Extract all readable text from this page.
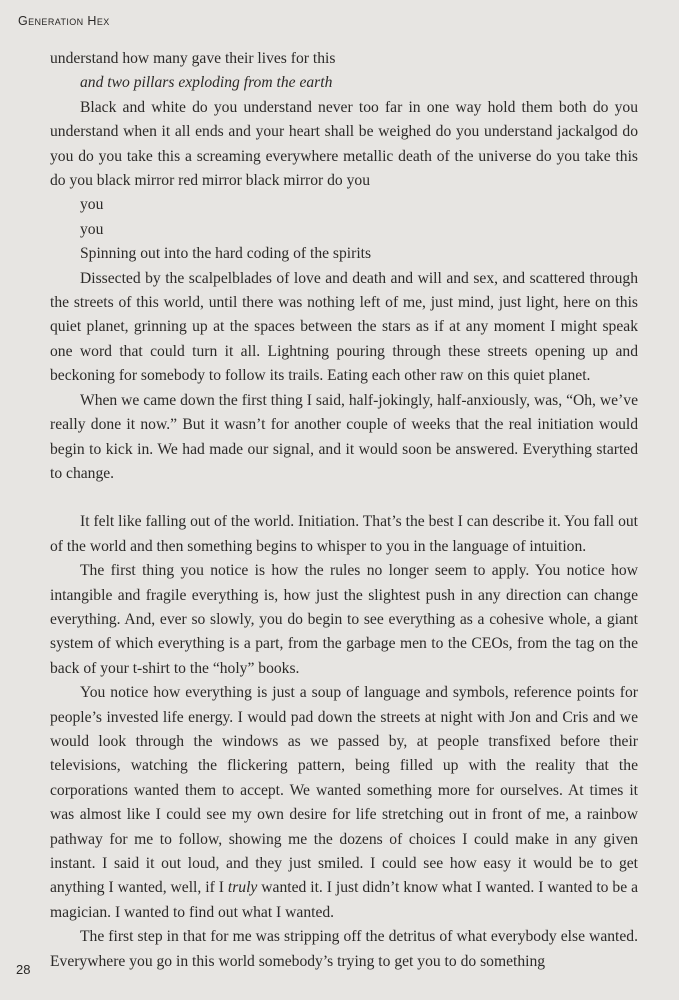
Generation Hex

understand how many gave their lives for this

and two pillars exploding from the earth

Black and white do you understand never too far in one way hold them both do you understand when it all ends and your heart shall be weighed do you understand jackalgod do you do you take this a screaming everywhere metallic death of the universe do you take this do you black mirror red mirror black mirror do you

you

you

Spinning out into the hard coding of the spirits

Dissected by the scalpelblades of love and death and will and sex, and scattered through the streets of this world, until there was nothing left of me, just mind, just light, here on this quiet planet, grinning up at the spaces between the stars as if at any moment I might speak one word that could turn it all. Lightning pouring through these streets opening up and beckoning for somebody to follow its trails. Eating each other raw on this quiet planet.

When we came down the first thing I said, half-jokingly, half-anxiously, was, “Oh, we’ve really done it now.” But it wasn’t for another couple of weeks that the real initiation would begin to kick in. We had made our signal, and it would soon be answered. Everything started to change.

It felt like falling out of the world. Initiation. That’s the best I can describe it. You fall out of the world and then something begins to whisper to you in the language of intuition.

The first thing you notice is how the rules no longer seem to apply. You notice how intangible and fragile everything is, how just the slightest push in any direction can change everything. And, ever so slowly, you do begin to see everything as a cohesive whole, a giant system of which everything is a part, from the garbage men to the CEOs, from the tag on the back of your t-shirt to the “holy” books.

You notice how everything is just a soup of language and symbols, reference points for people’s invested life energy. I would pad down the streets at night with Jon and Cris and we would look through the windows as we passed by, at people transfixed before their televisions, watching the flickering pattern, being filled up with the reality that the corporations wanted them to accept. We wanted something more for ourselves. At times it was almost like I could see my own desire for life stretching out in front of me, a rainbow pathway for me to follow, showing me the dozens of choices I could make in any given instant. I said it out loud, and they just smiled. I could see how easy it would be to get anything I wanted, well, if I truly wanted it. I just didn’t know what I wanted. I wanted to be a magician. I wanted to find out what I wanted.

The first step in that for me was stripping off the detritus of what everybody else wanted. Everywhere you go in this world somebody’s trying to get you to do something

28
